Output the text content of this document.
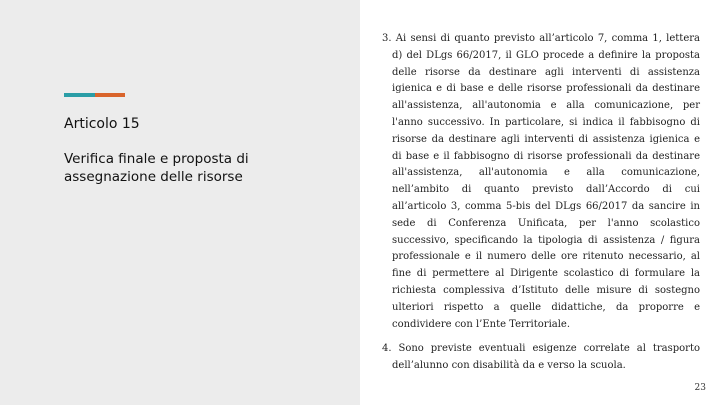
Articolo 15
Verifica finale e proposta di assegnazione delle risorse

3. Ai sensi di quanto previsto all’articolo 7, comma 1, lettera d) del DLgs 66/2017, il GLO procede a definire la proposta delle risorse da destinare agli interventi di assistenza igienica e di base e delle risorse professionali da destinare all'assistenza, all'autonomia e alla comunicazione, per l'anno successivo. In particolare, si indica il fabbisogno di risorse da destinare agli interventi di assistenza igienica e di base e il fabbisogno di risorse professionali da destinare all'assistenza, all'autonomia e alla comunicazione, nell’ambito di quanto previsto dall’Accordo di cui all’articolo 3, comma 5-bis del DLgs 66/2017 da sancire in sede di Conferenza Unificata, per l'anno scolastico successivo, specificando la tipologia di assistenza / figura professionale e il numero delle ore ritenuto necessario, al fine di permettere al Dirigente scolastico di formulare la richiesta complessiva d’Istituto delle misure di sostegno ulteriori rispetto a quelle didattiche, da proporre e condividere con l’Ente Territoriale.

4. Sono previste eventuali esigenze correlate al trasporto dell’alunno con disabilità da e verso la scuola.

23
